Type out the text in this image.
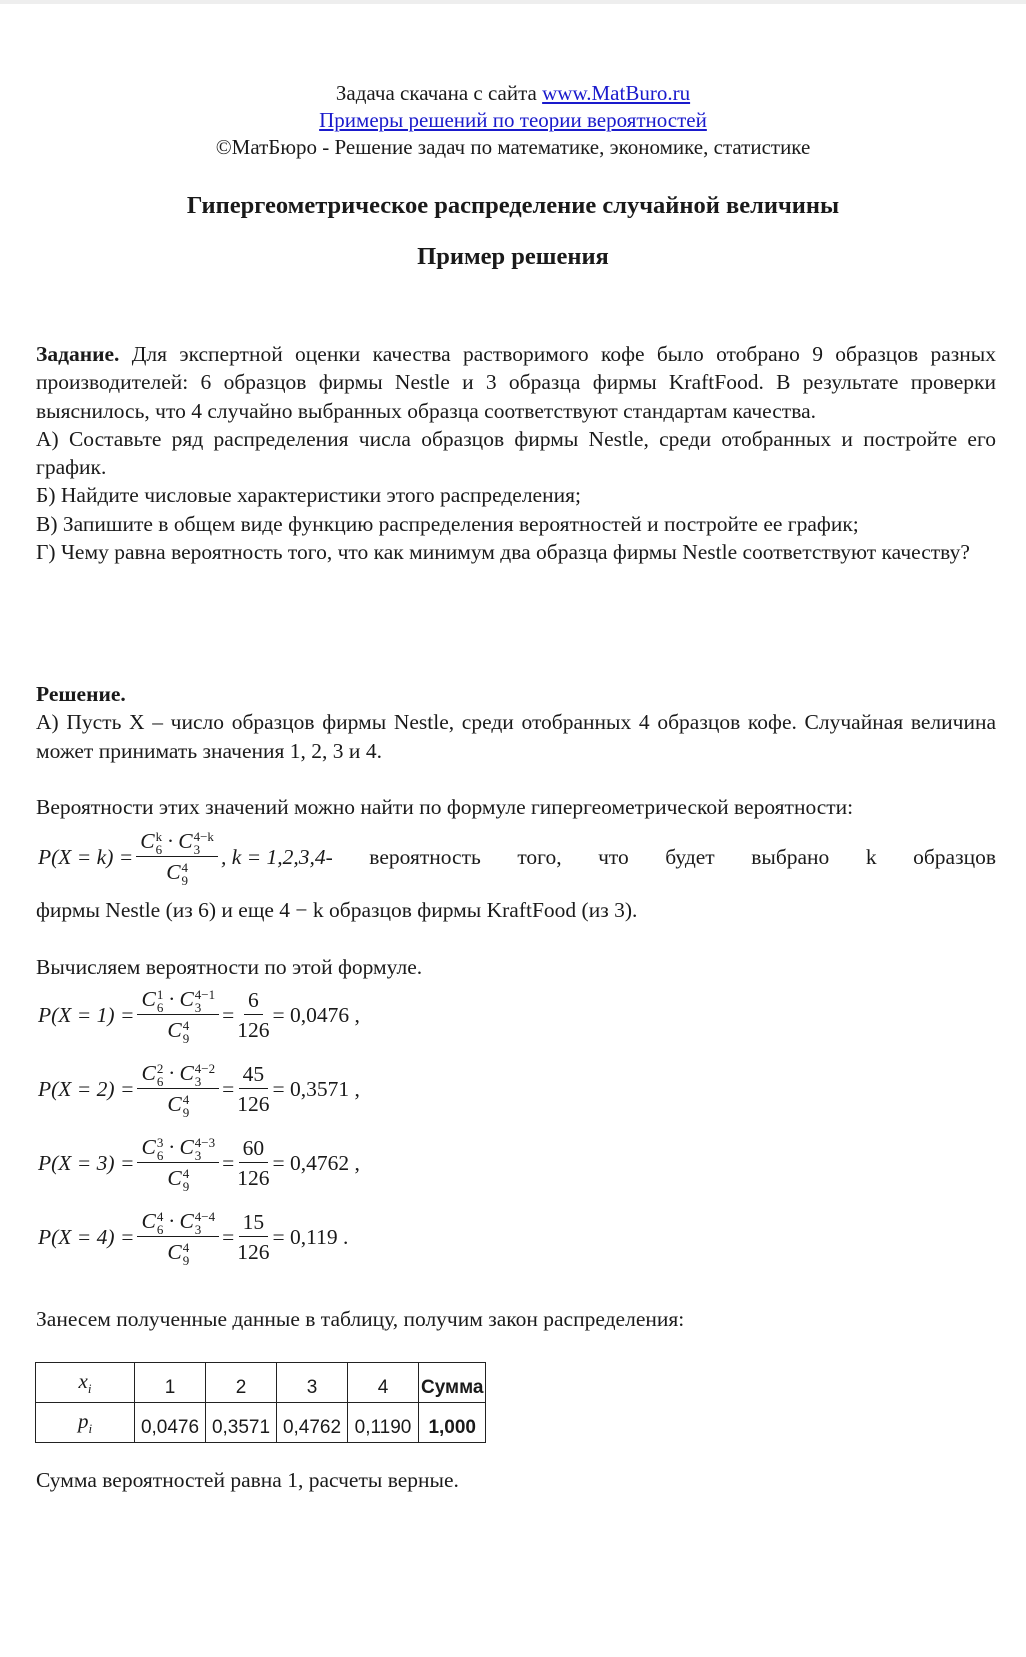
Задача скачана с сайта www.MatBuro.ru
Примеры решений по теории вероятностей
©МатБюро - Решение задач по математике, экономике, статистике
Гипергеометрическое распределение случайной величины
Пример решения

Задание. Для экспертной оценки качества растворимого кофе было отобрано 9 образцов разных производителей: 6 образцов фирмы Nestle и 3 образца фирмы KraftFood. В результате проверки выяснилось, что 4 случайно выбранных образца соответствуют стандартам качества.

А) Составьте ряд распределения числа образцов фирмы Nestle, среди отобранных и постройте его график.

Б) Найдите числовые характеристики этого распределения;

В) Запишите в общем виде функцию распределения вероятностей и постройте ее график;

Г) Чему равна вероятность того, что как минимум два образца фирмы Nestle соответствуют качеству?

Решение.

А) Пусть X – число образцов фирмы Nestle, среди отобранных 4 образцов кофе. Случайная величина может принимать значения 1, 2, 3 и 4.

Вероятности этих значений можно найти по формуле гипергеометрической вероятности:
P(X = k) = C k
6 · C 4−k
3
C 4
9 , k = 1,2,3,4 - вероятность того, что будет выбрано k образцов
фирмы Nestle (из 6) и еще 4 − k образцов фирмы KraftFood (из 3).
Вычисляем вероятности по этой формуле.
P(X = 1) = C 1
6 · C 4−1
3
C 4
$9 = \frac{6}{126} = 0,0476$ ,
P(X = 2) = C 2
6 · C 4−2
3
C 4
$9 = \frac{45}{126} = 0,3571$ ,
P(X = 3) = C 3
6 · C 4−3
3
C 4
$9 = \frac{60}{126} = 0,4762$ ,
P(X = 4) = C 4
6 · C 4−4
3
C 4
$9 = \frac{15}{126} = 0,119$ .
Занесем полученные данные в таблицу, получим закон распределения:
$x_i$	1	2	3	4	Сумма
$p_i$	0,0476	0,3571	0,4762	0,1190	1,000
Сумма вероятностей равна 1, расчеты верные.
